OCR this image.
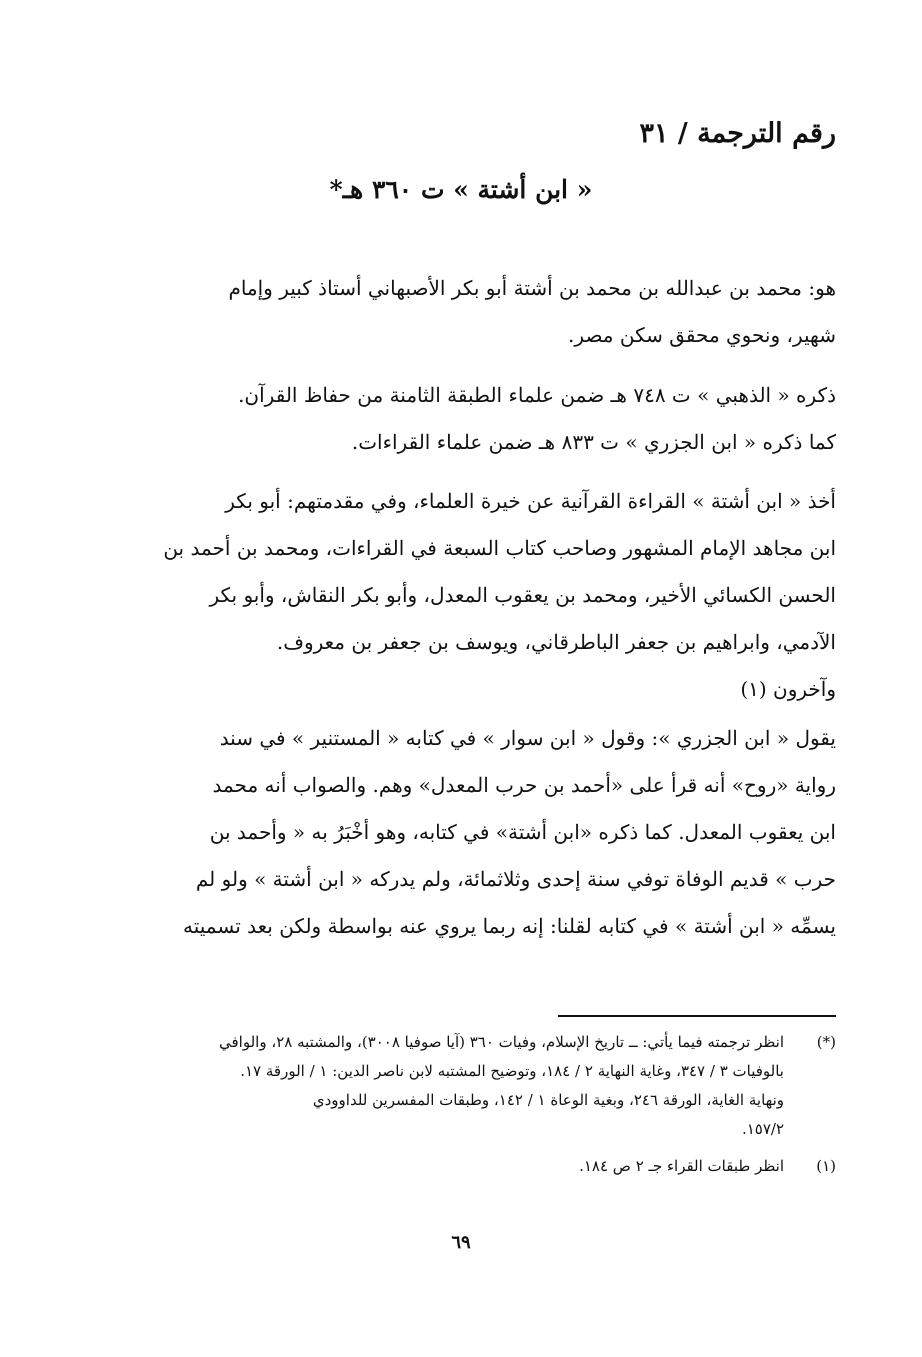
رقم الترجمة / ٣١
« ابن أشتة » ت ٣٦٠ هـ*
هو: محمد بن عبدالله بن محمد بن أشتة أبو بكر الأصبهاني أستاذ كبير وإمام
شهير، ونحوي محقق سكن مصر.
ذكره « الذهبي » ت ٧٤٨ هـ ضمن علماء الطبقة الثامنة من حفاظ القرآن.
كما ذكره « ابن الجزري » ت ٨٣٣ هـ ضمن علماء القراءات.
أخذ « ابن أشتة » القراءة القرآنية عن خيرة العلماء، وفي مقدمتهم: أبو بكر
ابن مجاهد الإمام المشهور وصاحب كتاب السبعة في القراءات، ومحمد بن أحمد بن
الحسن الكسائي الأخير، ومحمد بن يعقوب المعدل، وأبو بكر النقاش، وأبو بكر
الآدمي، وابراهيم بن جعفر الباطرقاني، ويوسف بن جعفر بن معروف.
وآخرون (١)
يقول « ابن الجزري »: وقول « ابن سوار » في كتابه « المستنير » في سند
رواية «روح» أنه قرأ على «أحمد بن حرب المعدل» وهم. والصواب أنه محمد
ابن يعقوب المعدل. كما ذكره «ابن أشتة» في كتابه، وهو أخْبَرُ به « وأحمد بن
حرب » قديم الوفاة توفي سنة إحدى وثلاثمائة، ولم يدركه « ابن أشتة » ولو لم
يسمِّه « ابن أشتة » في كتابه لقلنا: إنه ربما يروي عنه بواسطة ولكن بعد تسميته
(*)
انظر ترجمته فيما يأتي: ــ تاريخ الإسلام، وفيات ٣٦٠ (آيا صوفيا ٣٠٠٨)، والمشتبه ٢٨، والوافي
بالوفيات ٣ / ٣٤٧، وغاية النهاية ٢ / ١٨٤، وتوضيح المشتبه لابن ناصر الدين: ١ / الورقة ١٧.
ونهاية الغاية، الورقة ٢٤٦، وبغية الوعاة ١ / ١٤٢، وطبقات المفسرين للداوودي
١٥٧/٢.
(١)
انظر طبقات القراء جـ ٢ ص ١٨٤.
٦٩
